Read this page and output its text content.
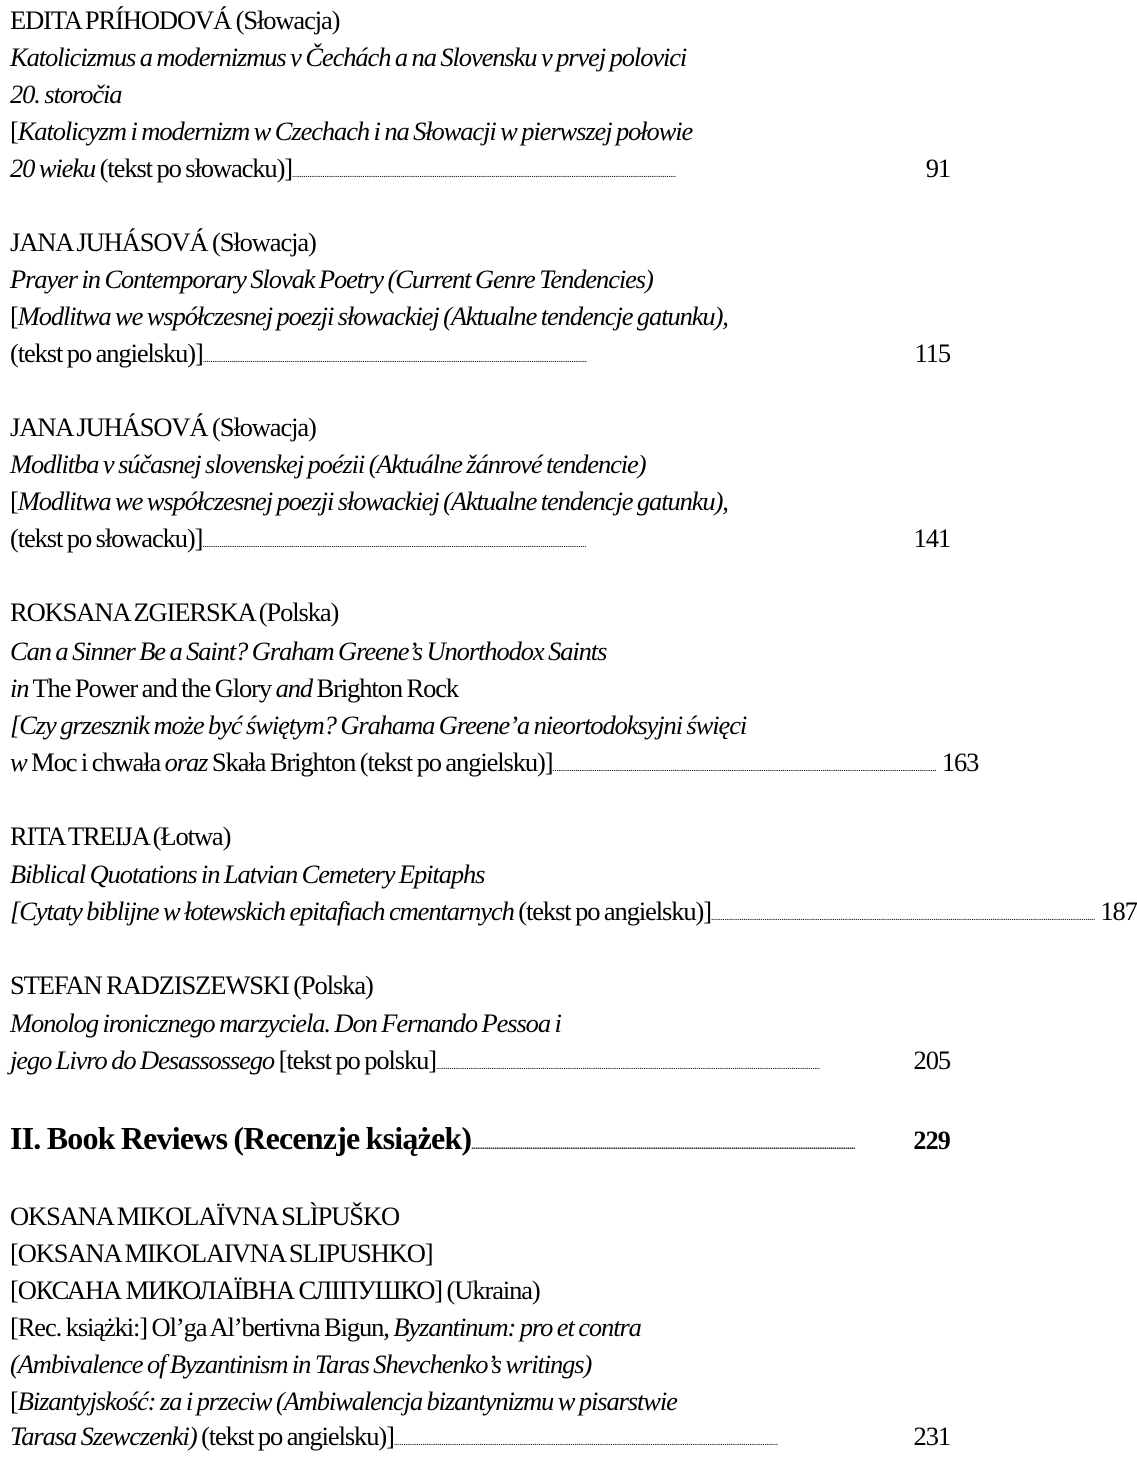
EDITA PRÍHODOVÁ (Słowacja)
Katolicizmus a modernizmus v Čechách a na Slovensku v prvej polovici
20. storočia
[Katolicyzm i modernizm w Czechach i na Słowacji w pierwszej połowie
20 wieku (tekst po słowacku)] . . .	91
JANA JUHÁSOVÁ (Słowacja)
Prayer in Contemporary Slovak Poetry (Current Genre Tendencies)
[Modlitwa we współczesnej poezji słowackiej (Aktualne tendencje gatunku),
(tekst po angielsku)] . . .	115
JANA JUHÁSOVÁ (Słowacja)
Modlitba v súčasnej slovenskej poézii (Aktuálne žánrové tendencie)
[Modlitwa we współczesnej poezji słowackiej (Aktualne tendencje gatunku),
(tekst po słowacku)] . . .	141
ROKSANA ZGIERSKA (Polska)
Can a Sinner Be a Saint? Graham Greene’s Unorthodox Saints
in The Power and the Glory and Brighton Rock
[Czy grzesznik może być świętym? Grahama Greene’a nieortodoksyjni święci
w Moc i chwała oraz Skała Brighton (tekst po angielsku)] . . .	163
RITA TREIJA (Łotwa)
Biblical Quotations in Latvian Cemetery Epitaphs
[Cytaty biblijne w łotewskich epitafiach cmentarnych (tekst po angielsku)] . . .	187
STEFAN RADZISZEWSKI (Polska)
Monolog ironicznego marzyciela. Don Fernando Pessoa i
jego Livro do Desassossego [tekst po polsku] . . .	205
II. Book Reviews (Recenzje książek) . . .	229
OKSANA MIKOLAÏVNA SLÌPUŠKO
[OKSANA MIKOLAIVNA SLIPUSHKO]
[ОКСАНА МИКОЛАЇВНА СЛІПУШКО] (Ukraina)
[Rec. książki:] Ol’ga Al’bertivna Bigun, Byzantinum: pro et contra
(Ambivalence of Byzantinism in Taras Shevchenko’s writings)
[Bizantyjskość: za i przeciw (Ambiwalencja bizantynizmu w pisarstwie
Tarasa Szewczenki) (tekst po angielsku)] . . .	231
